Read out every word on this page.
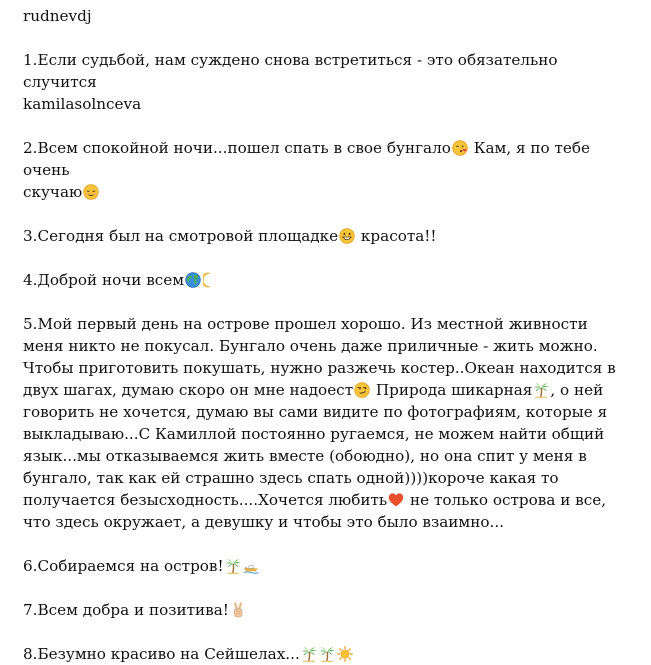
rudnevdj

1.Если судьбой, нам суждено снова встретиться - это обязательно случится
kamilasolnceva

2.Всем спокойной ночи...пошел спать в свое бунгало Кам, я по тебе очень
скучаю

3.Сегодня был на смотровой площадке красота!!

4.Доброй ночи всем

5.Мой первый день на острове прошел хорошо. Из местной живности меня никто не покусал. Бунгало очень даже приличные - жить можно. Чтобы приготовить покушать, нужно разжечь костер..Океан находится в двух шагах, думаю скоро он мне надоест Природа шикарная , о ней говорить не хочется, думаю вы сами видите по фотографиям, которые я выкладываю...С Камиллой постоянно ругаемся, не можем найти общий язык...мы отказываемся жить вместе (обоюдно), но она спит у меня в бунгало, так как ей страшно здесь спать одной))))короче какая то получается безысходность....Хочется любить не только острова и все, что здесь окружает, а девушку и чтобы это было взаимно...

6.Собираемся на остров!

7.Всем добра и позитива!

8.Безумно красиво на Сейшелах...
